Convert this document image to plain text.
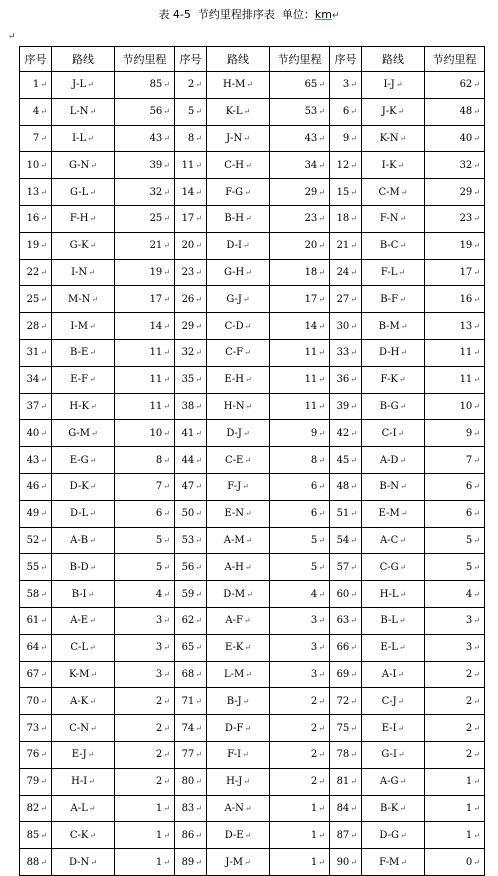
表 4-5 节约里程排序表 单位：km↵
↵
序号	路线	节约里程	序号	路线	节约里程	序号	路线	节约里程
1↵	J-L↵	85↵	2↵	H-M↵	65↵	3↵	I-J↵	62↵
4↵	L-N↵	56↵	5↵	K-L↵	53↵	6↵	J-K↵	48↵
7↵	I-L↵	43↵	8↵	J-N↵	43↵	9↵	K-N↵	40↵
10↵	G-N↵	39↵	11↵	C-H↵	34↵	12↵	I-K↵	32↵
13↵	G-L↵	32↵	14↵	F-G↵	29↵	15↵	C-M↵	29↵
16↵	F-H↵	25↵	17↵	B-H↵	23↵	18↵	F-N↵	23↵
19↵	G-K↵	21↵	20↵	D-I↵	20↵	21↵	B-C↵	19↵
22↵	I-N↵	19↵	23↵	G-H↵	18↵	24↵	F-L↵	17↵
25↵	M-N↵	17↵	26↵	G-J↵	17↵	27↵	B-F↵	16↵
28↵	I-M↵	14↵	29↵	C-D↵	14↵	30↵	B-M↵	13↵
31↵	B-E↵	11↵	32↵	C-F↵	11↵	33↵	D-H↵	11↵
34↵	E-F↵	11↵	35↵	E-H↵	11↵	36↵	F-K↵	11↵
37↵	H-K↵	11↵	38↵	H-N↵	11↵	39↵	B-G↵	10↵
40↵	G-M↵	10↵	41↵	D-J↵	9↵	42↵	C-I↵	9↵
43↵	E-G↵	8↵	44↵	C-E↵	8↵	45↵	A-D↵	7↵
46↵	D-K↵	7↵	47↵	F-J↵	6↵	48↵	B-N↵	6↵
49↵	D-L↵	6↵	50↵	E-N↵	6↵	51↵	E-M↵	6↵
52↵	A-B↵	5↵	53↵	A-M↵	5↵	54↵	A-C↵	5↵
55↵	B-D↵	5↵	56↵	A-H↵	5↵	57↵	C-G↵	5↵
58↵	B-I↵	4↵	59↵	D-M↵	4↵	60↵	H-L↵	4↵
61↵	A-E↵	3↵	62↵	A-F↵	3↵	63↵	B-L↵	3↵
64↵	C-L↵	3↵	65↵	E-K↵	3↵	66↵	E-L↵	3↵
67↵	K-M↵	3↵	68↵	L-M↵	3↵	69↵	A-I↵	2↵
70↵	A-K↵	2↵	71↵	B-J↵	2↵	72↵	C-J↵	2↵
73↵	C-N↵	2↵	74↵	D-F↵	2↵	75↵	E-I↵	2↵
76↵	E-J↵	2↵	77↵	F-I↵	2↵	78↵	G-I↵	2↵
79↵	H-I↵	2↵	80↵	H-J↵	2↵	81↵	A-G↵	1↵
82↵	A-L↵	1↵	83↵	A-N↵	1↵	84↵	B-K↵	1↵
85↵	C-K↵	1↵	86↵	D-E↵	1↵	87↵	D-G↵	1↵
88↵	D-N↵	1↵	89↵	J-M↵	1↵	90↵	F-M↵	0↵
